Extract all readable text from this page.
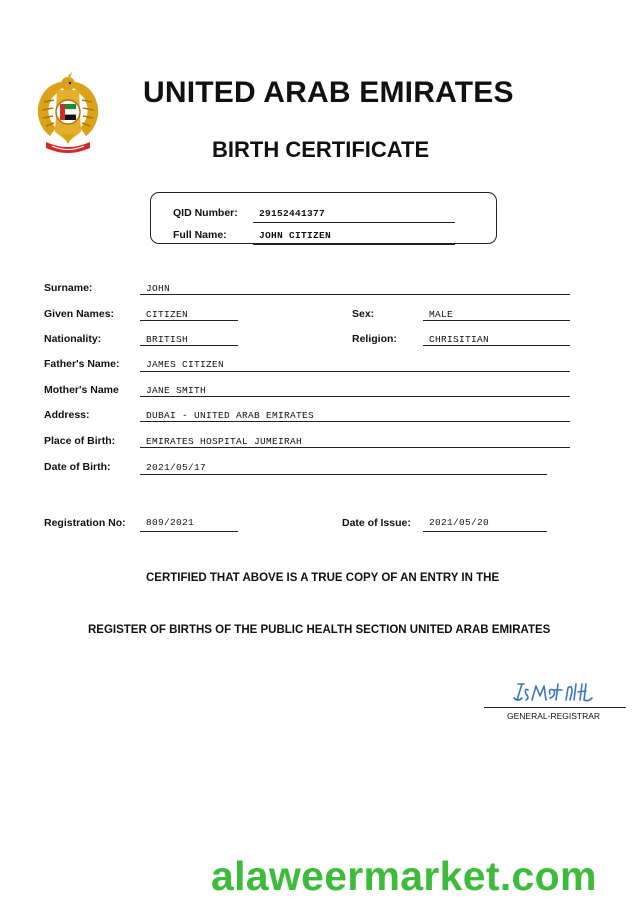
UNITED ARAB EMIRATES
BIRTH CERTIFICATE
QID Number: 29152441377
Full Name:	JOHN CITIZEN
Surname:	JOHN
Given Names:	CITIZEN	Sex:	MALE
Nationality:	BRITISH	Religion:	CHRISITIAN
Father's Name:	JAMES CITIZEN
Mother's Name	JANE SMITH
Address:	DUBAI - UNITED ARAB EMIRATES
Place of Birth:	EMIRATES HOSPITAL JUMEIRAH
Date of Birth:	2021/05/17
Registration No: 809/2021	Date of Issue: 2021/05/20
CERTIFIED THAT ABOVE IS A TRUE COPY OF AN ENTRY IN THE
REGISTER OF BIRTHS OF THE PUBLIC HEALTH SECTION UNITED ARAB EMIRATES
GENERAL-REGISTRAR
alaweermarket.com
